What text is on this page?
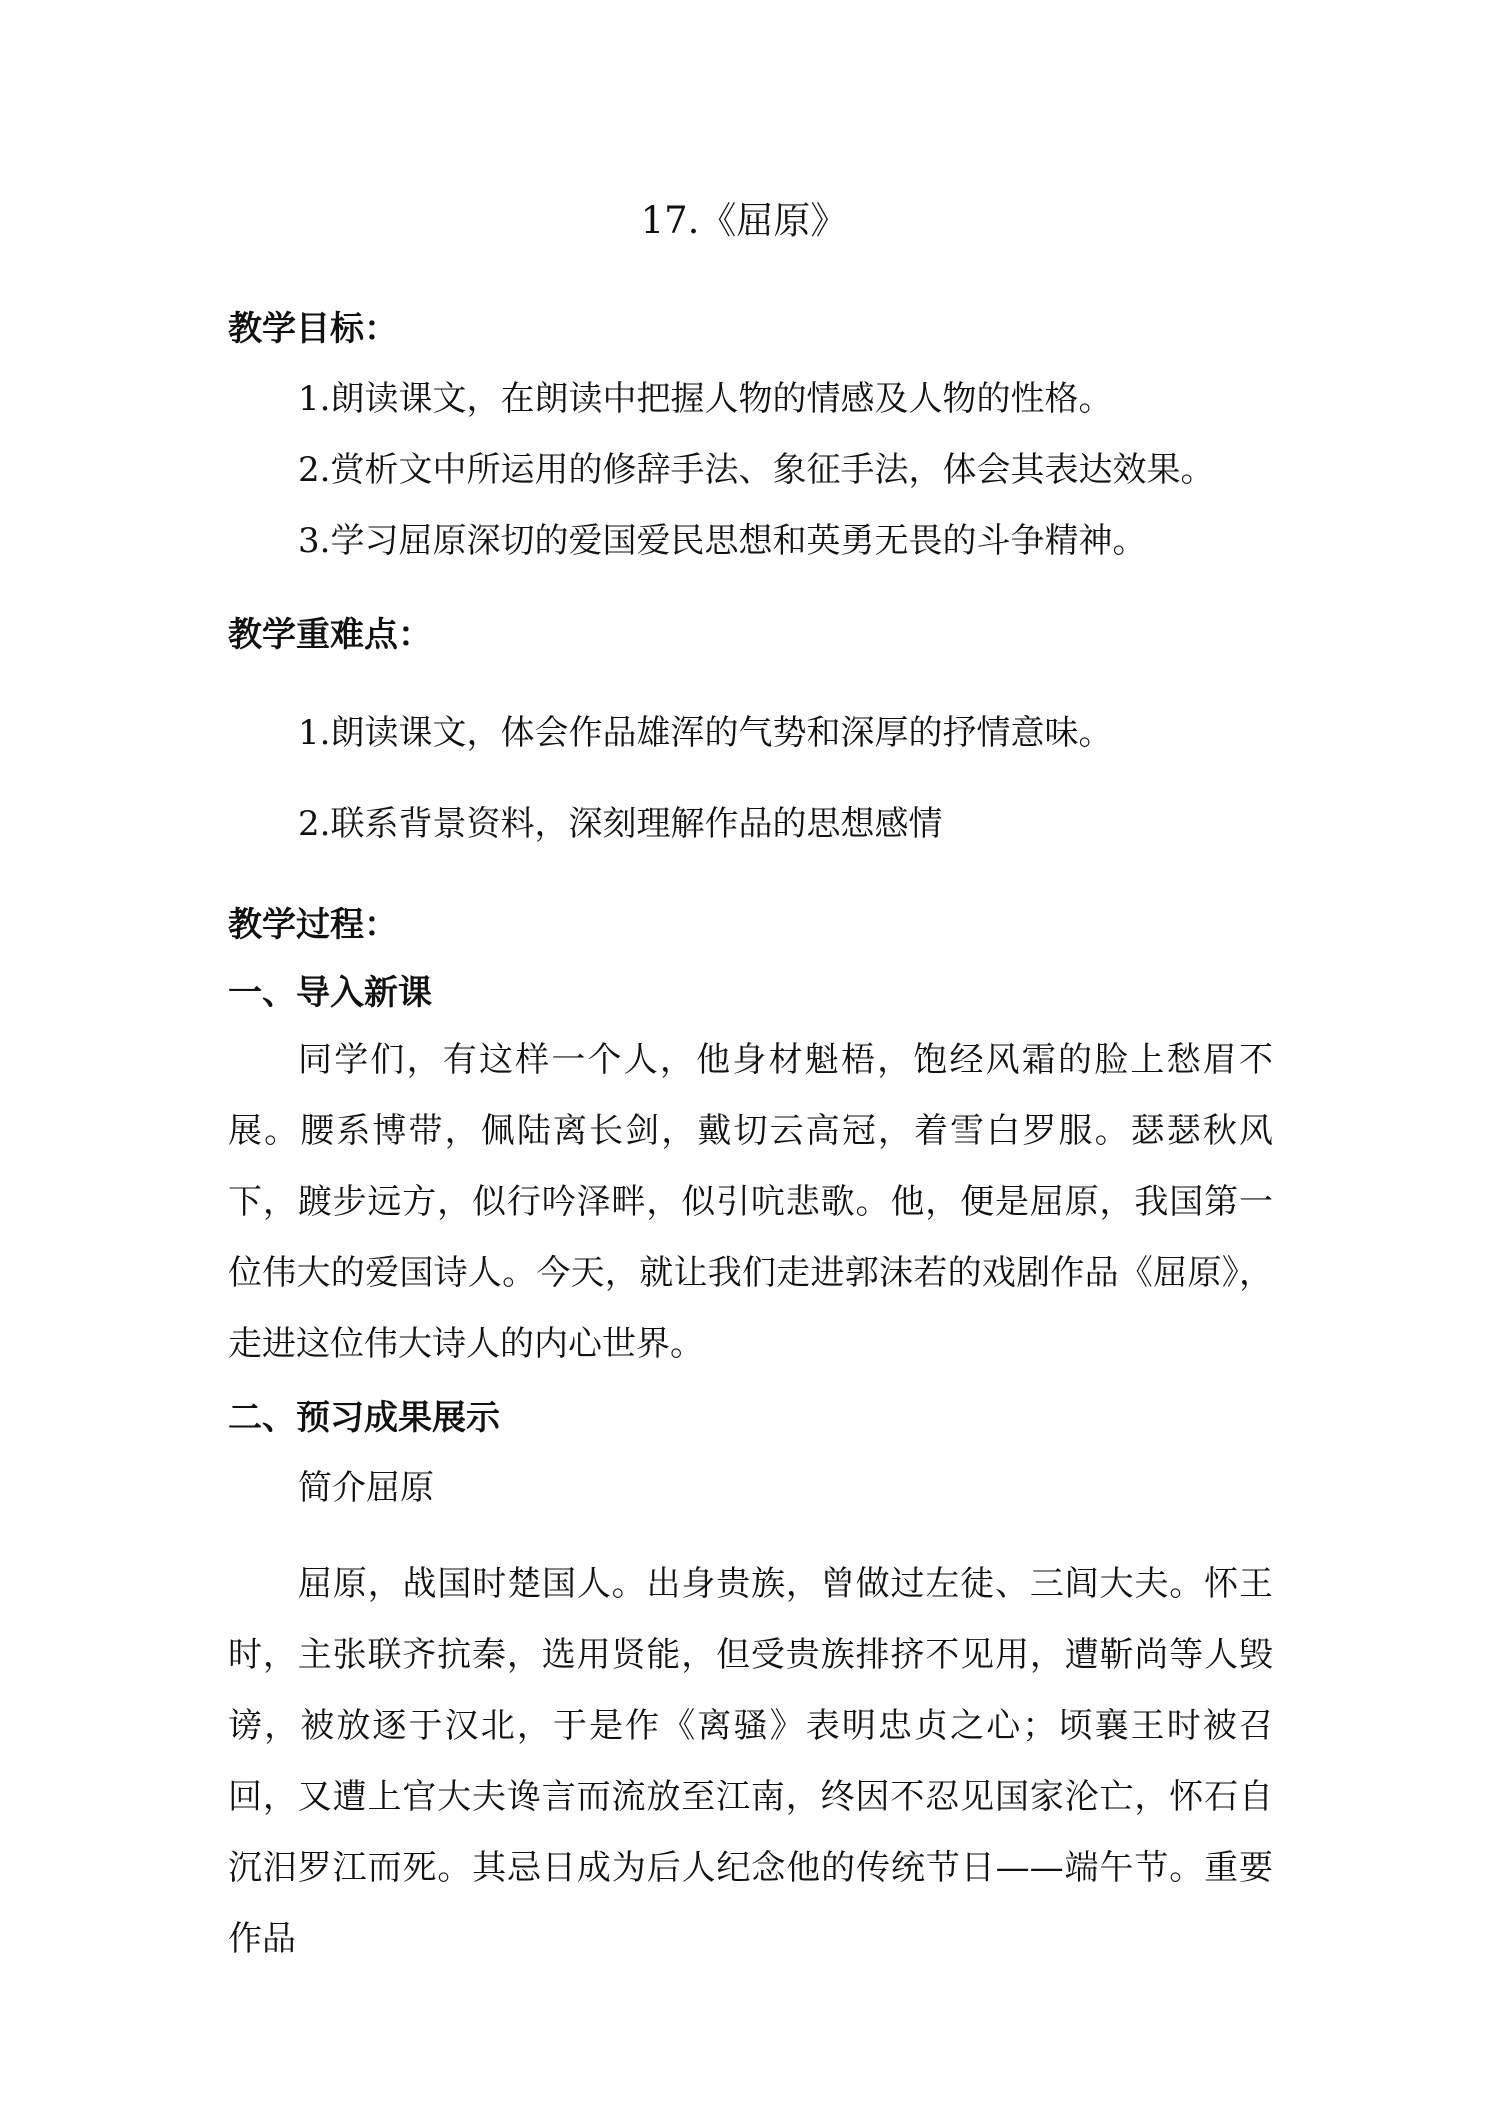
17.《屈原》
教学目标：
1.朗读课文，在朗读中把握人物的情感及人物的性格。
2.赏析文中所运用的修辞手法、象征手法，体会其表达效果。
3.学习屈原深切的爱国爱民思想和英勇无畏的斗争精神。
教学重难点：
1.朗读课文，体会作品雄浑的气势和深厚的抒情意味。
2.联系背景资料，深刻理解作品的思想感情
教学过程：
一、导入新课
同学们，有这样一个人，他身材魁梧，饱经风霜的脸上愁眉不展。腰系博带，佩陆离长剑，戴切云高冠，着雪白罗服。瑟瑟秋风下，踱步远方，似行吟泽畔，似引吭悲歌。他，便是屈原，我国第一位伟大的爱国诗人。今天，就让我们走进郭沫若的戏剧作品《屈原》，走进这位伟大诗人的内心世界。
二、预习成果展示
简介屈原
屈原，战国时楚国人。出身贵族，曾做过左徒、三闾大夫。怀王时，主张联齐抗秦，选用贤能，但受贵族排挤不见用，遭靳尚等人毁谤，被放逐于汉北，于是作《离骚》表明忠贞之心；顷襄王时被召回，又遭上官大夫谗言而流放至江南，终因不忍见国家沦亡，怀石自沉汨罗江而死。其忌日成为后人纪念他的传统节日——端午节。重要作品
